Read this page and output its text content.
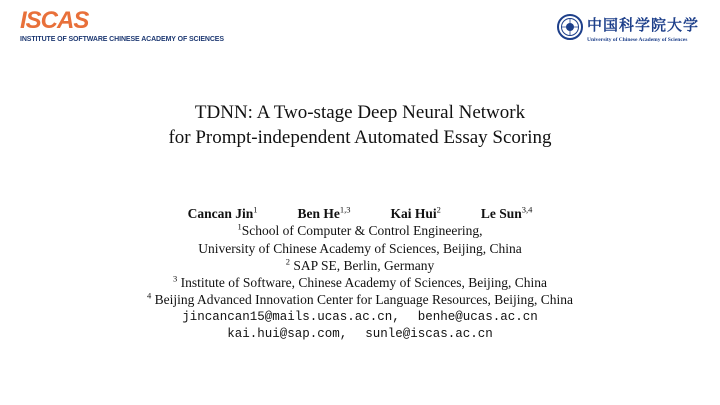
ISCAS
INSTITUTE OF SOFTWARE CHINESE ACADEMY OF SCIENCES
中国科学院大学
University of Chinese Academy of Sciences
TDNN: A Two-stage Deep Neural Network
for Prompt-independent Automated Essay Scoring
Cancan Jin$^1$	Ben He$^{1,3}$	Kai Hui$^2$	Le Sun$^{3,4}$
$^1$School of Computer & Control Engineering,
University of Chinese Academy of Sciences, Beijing, China
$^2$ SAP SE, Berlin, Germany
$^3$ Institute of Software, Chinese Academy of Sciences, Beijing, China
$^4$ Beijing Advanced Innovation Center for Language Resources, Beijing, China
jincancan15@mails.ucas.ac.cn, benhe@ucas.ac.cn
kai.hui@sap.com, sunle@iscas.ac.cn
